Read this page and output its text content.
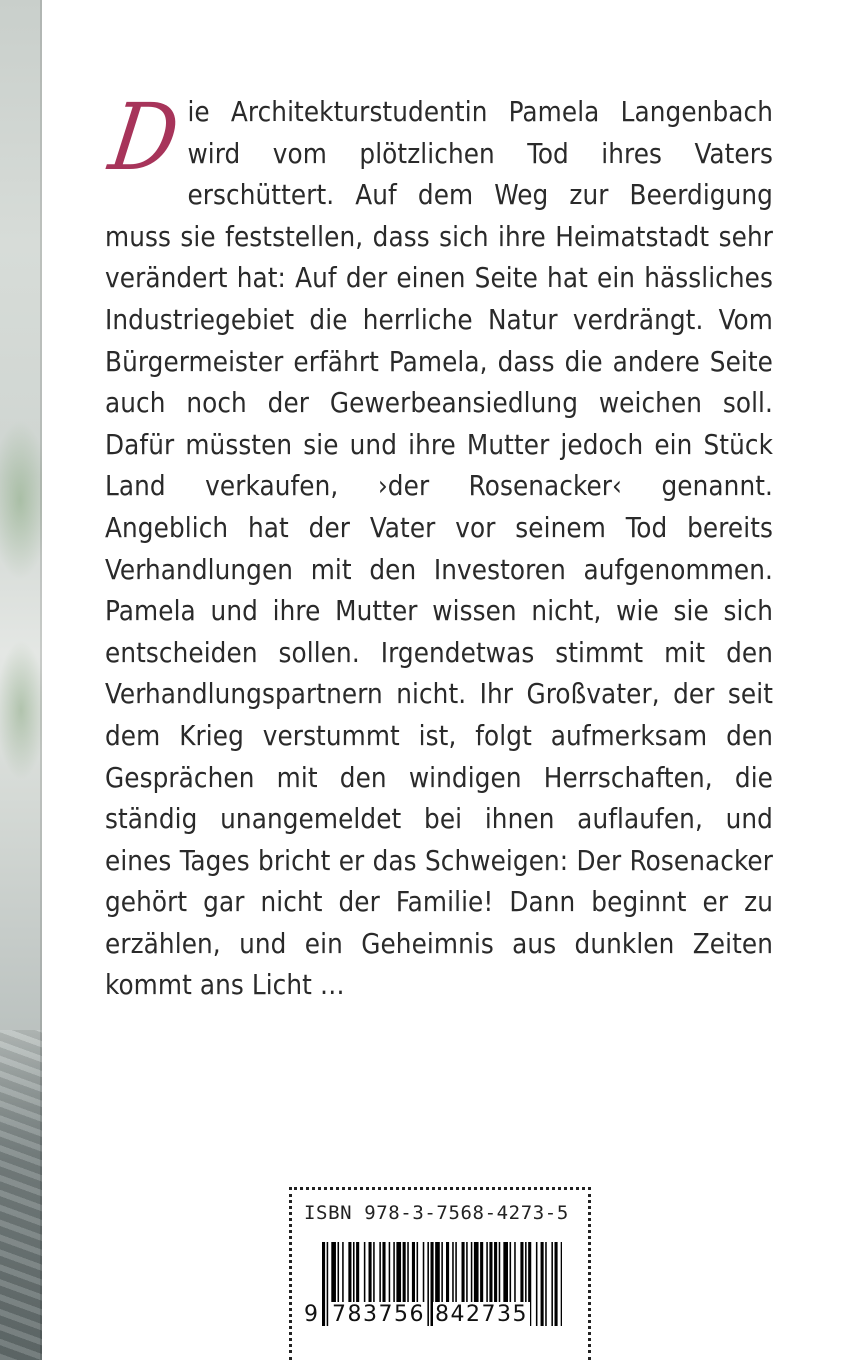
D ie Architekturstudentin Pamela Langenbach wird vom plötzlichen Tod ihres Vaters erschüttert. Auf dem Weg zur Beerdigung muss sie feststellen, dass sich ihre Heimatstadt sehr verändert hat: Auf der einen Seite hat ein hässliches Industriegebiet die herrliche Natur verdrängt. Vom Bürgermeister erfährt Pamela, dass die andere Seite auch noch der Gewerbeansiedlung weichen soll. Dafür müssten sie und ihre Mutter jedoch ein Stück Land verkaufen, ›der Rosenacker‹ genannt. Angeblich hat der Vater vor seinem Tod bereits Verhandlungen mit den Investoren aufgenommen. Pamela und ihre Mutter wissen nicht, wie sie sich entscheiden sollen. Irgendetwas stimmt mit den Verhandlungspartnern nicht. Ihr Großvater, der seit dem Krieg verstummt ist, folgt aufmerksam den Gesprächen mit den windigen Herrschaften, die ständig unangemeldet bei ihnen auflaufen, und eines Tages bricht er das Schweigen: Der Rosenacker gehört gar nicht der Familie! Dann beginnt er zu erzählen, und ein Geheimnis aus dunklen Zeiten kommt ans Licht …

ISBN 978-3-7568-4273-5
9 783756 842735
